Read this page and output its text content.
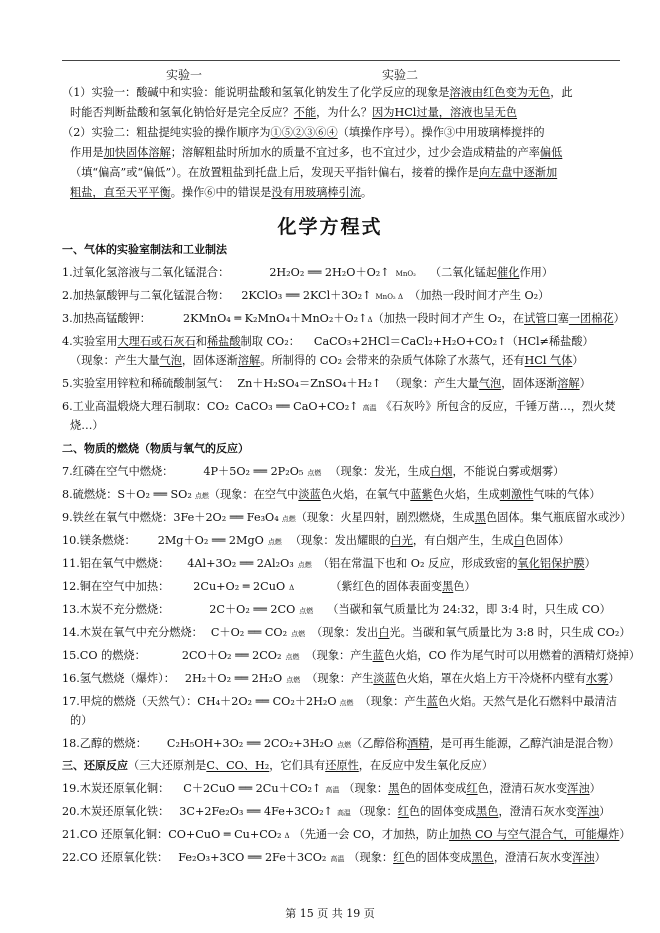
实验一	实验二
（1）实验一：酸碱中和实验：能说明盐酸和氢氧化钠发生了化学反应的现象是溶液由红色变为无色，此
时能否判断盐酸和氢氧化钠恰好是完全反应？不能，为什么？因为HCl过量，溶液也呈无色
（2）实验二：粗盐提纯实验的操作顺序为①⑤②③⑥④（填操作序号）。操作③中用玻璃棒搅拌的
作用是加快固体溶解；溶解粗盐时所加水的质量不宜过多，也不宜过少，过少会造成精盐的产率偏低
（填“偏高”或“偏低”）。在放置粗盐到托盘上后，发现天平指针偏右，接着的操作是向左盘中逐渐加
粗盐，直至天平平衡。操作⑥中的错误是没有用玻璃棒引流。
化学方程式
一、气体的实验室制法和工业制法
1.过氧化氢溶液与二氧化锰混合：	2H₂O₂ ══ 2H₂O＋O₂↑ MnO₂ （二氧化锰起催化作用）
2.加热氯酸钾与二氧化锰混合物： 2KClO₃ ══ 2KCl＋3O₂↑ MnO₂ Δ （加热一段时间才产生 O₂）
3.加热高锰酸钾：	2KMnO₄ ═ K₂MnO₄＋MnO₂＋O₂↑Δ（加热一段时间才产生 O₂，在试管口塞一团棉花）
4.实验室用大理石或石灰石和稀盐酸制取 CO₂： CaCO₃+2HCl＝CaCl₂+H₂O+CO₂↑（HCl≠稀盐酸）
（现象：产生大量气泡，固体逐渐溶解。所制得的 CO₂ 会带来的杂质气体除了水蒸气，还有HCl 气体）
5.实验室用锌粒和稀硫酸制氢气： Zn＋H₂SO₄＝ZnSO₄＋H₂↑ （现象：产生大量气泡，固体逐渐溶解）
6.工业高温煅烧大理石制取：CO₂ CaCO₃ ══ CaO+CO₂↑ 高温 《石灰吟》所包含的反应，千锤万凿…，烈火焚
烧…）
二、物质的燃烧（物质与氧气的反应）
7.红磷在空气中燃烧：	4P＋5O₂ ══ 2P₂O₅ 点燃 （现象：发光，生成白烟，不能说白雾或烟雾）
8.硫燃烧：S＋O₂ ══ SO₂ 点燃（现象：在空气中淡蓝色火焰，在氧气中蓝紫色火焰，生成刺激性气味的气体）
9.铁丝在氧气中燃烧：3Fe＋2O₂ ══ Fe₃O₄ 点燃（现象：火星四射，剧烈燃烧，生成黑色固体。集气瓶底留水或沙）
10.镁条燃烧： 2Mg＋O₂ ══ 2MgO 点燃 （现象：发出耀眼的白光，有白烟产生，生成白色固体）
11.铝在氧气中燃烧： 4Al+3O₂ ══ 2Al₂O₃ 点燃 （铝在常温下也和 O₂ 反应，形成致密的氧化铝保护膜）
12.铜在空气中加热： 2Cu+O₂ ═ 2CuO Δ	（紫红色的固体表面变黑色）
13.木炭不充分燃烧：	2C＋O₂ ══ 2CO 点燃 （当碳和氧气质量比为 24:32，即 3:4 时，只生成 CO）
14.木炭在氧气中充分燃烧： C＋O₂ ══ CO₂ 点燃 （现象：发出白光。当碳和氧气质量比为 3:8 时，只生成 CO₂）
15.CO 的燃烧：	2CO＋O₂ ══ 2CO₂ 点燃 （现象：产生蓝色火焰，CO 作为尾气时可以用燃着的酒精灯烧掉）
16.氢气燃烧（爆炸）： 2H₂＋O₂ ══ 2H₂O 点燃 （现象：产生淡蓝色火焰，罩在火焰上方干冷烧杯内壁有水雾）
17.甲烷的燃烧（天然气）：CH₄＋2O₂ ══ CO₂＋2H₂O 点燃 （现象：产生蓝色火焰。天然气是化石燃料中最清洁
的）
18.乙醇的燃烧： C₂H₅OH+3O₂ ══ 2CO₂+3H₂O 点燃（乙醇俗称酒精，是可再生能源，乙醇汽油是混合物）
三、还原反应（三大还原剂是C、CO、H₂，它们具有还原性，在反应中发生氧化反应）
19.木炭还原氧化铜： C＋2CuO ══ 2Cu＋CO₂↑ 高温 （现象：黑色的固体变成红色，澄清石灰水变浑浊）
20.木炭还原氧化铁： 3C+2Fe₂O₃ ══ 4Fe+3CO₂↑ 高温 （现象：红色的固体变成黑色，澄清石灰水变浑浊）
21.CO 还原氧化铜：CO+CuO ═ Cu+CO₂ Δ （先通一会 CO，才加热，防止加热 CO 与空气混合气，可能爆炸）
22.CO 还原氧化铁： Fe₂O₃+3CO ══ 2Fe＋3CO₂ 高温 （现象：红色的固体变成黑色，澄清石灰水变浑浊）
第 15 页 共 19 页
